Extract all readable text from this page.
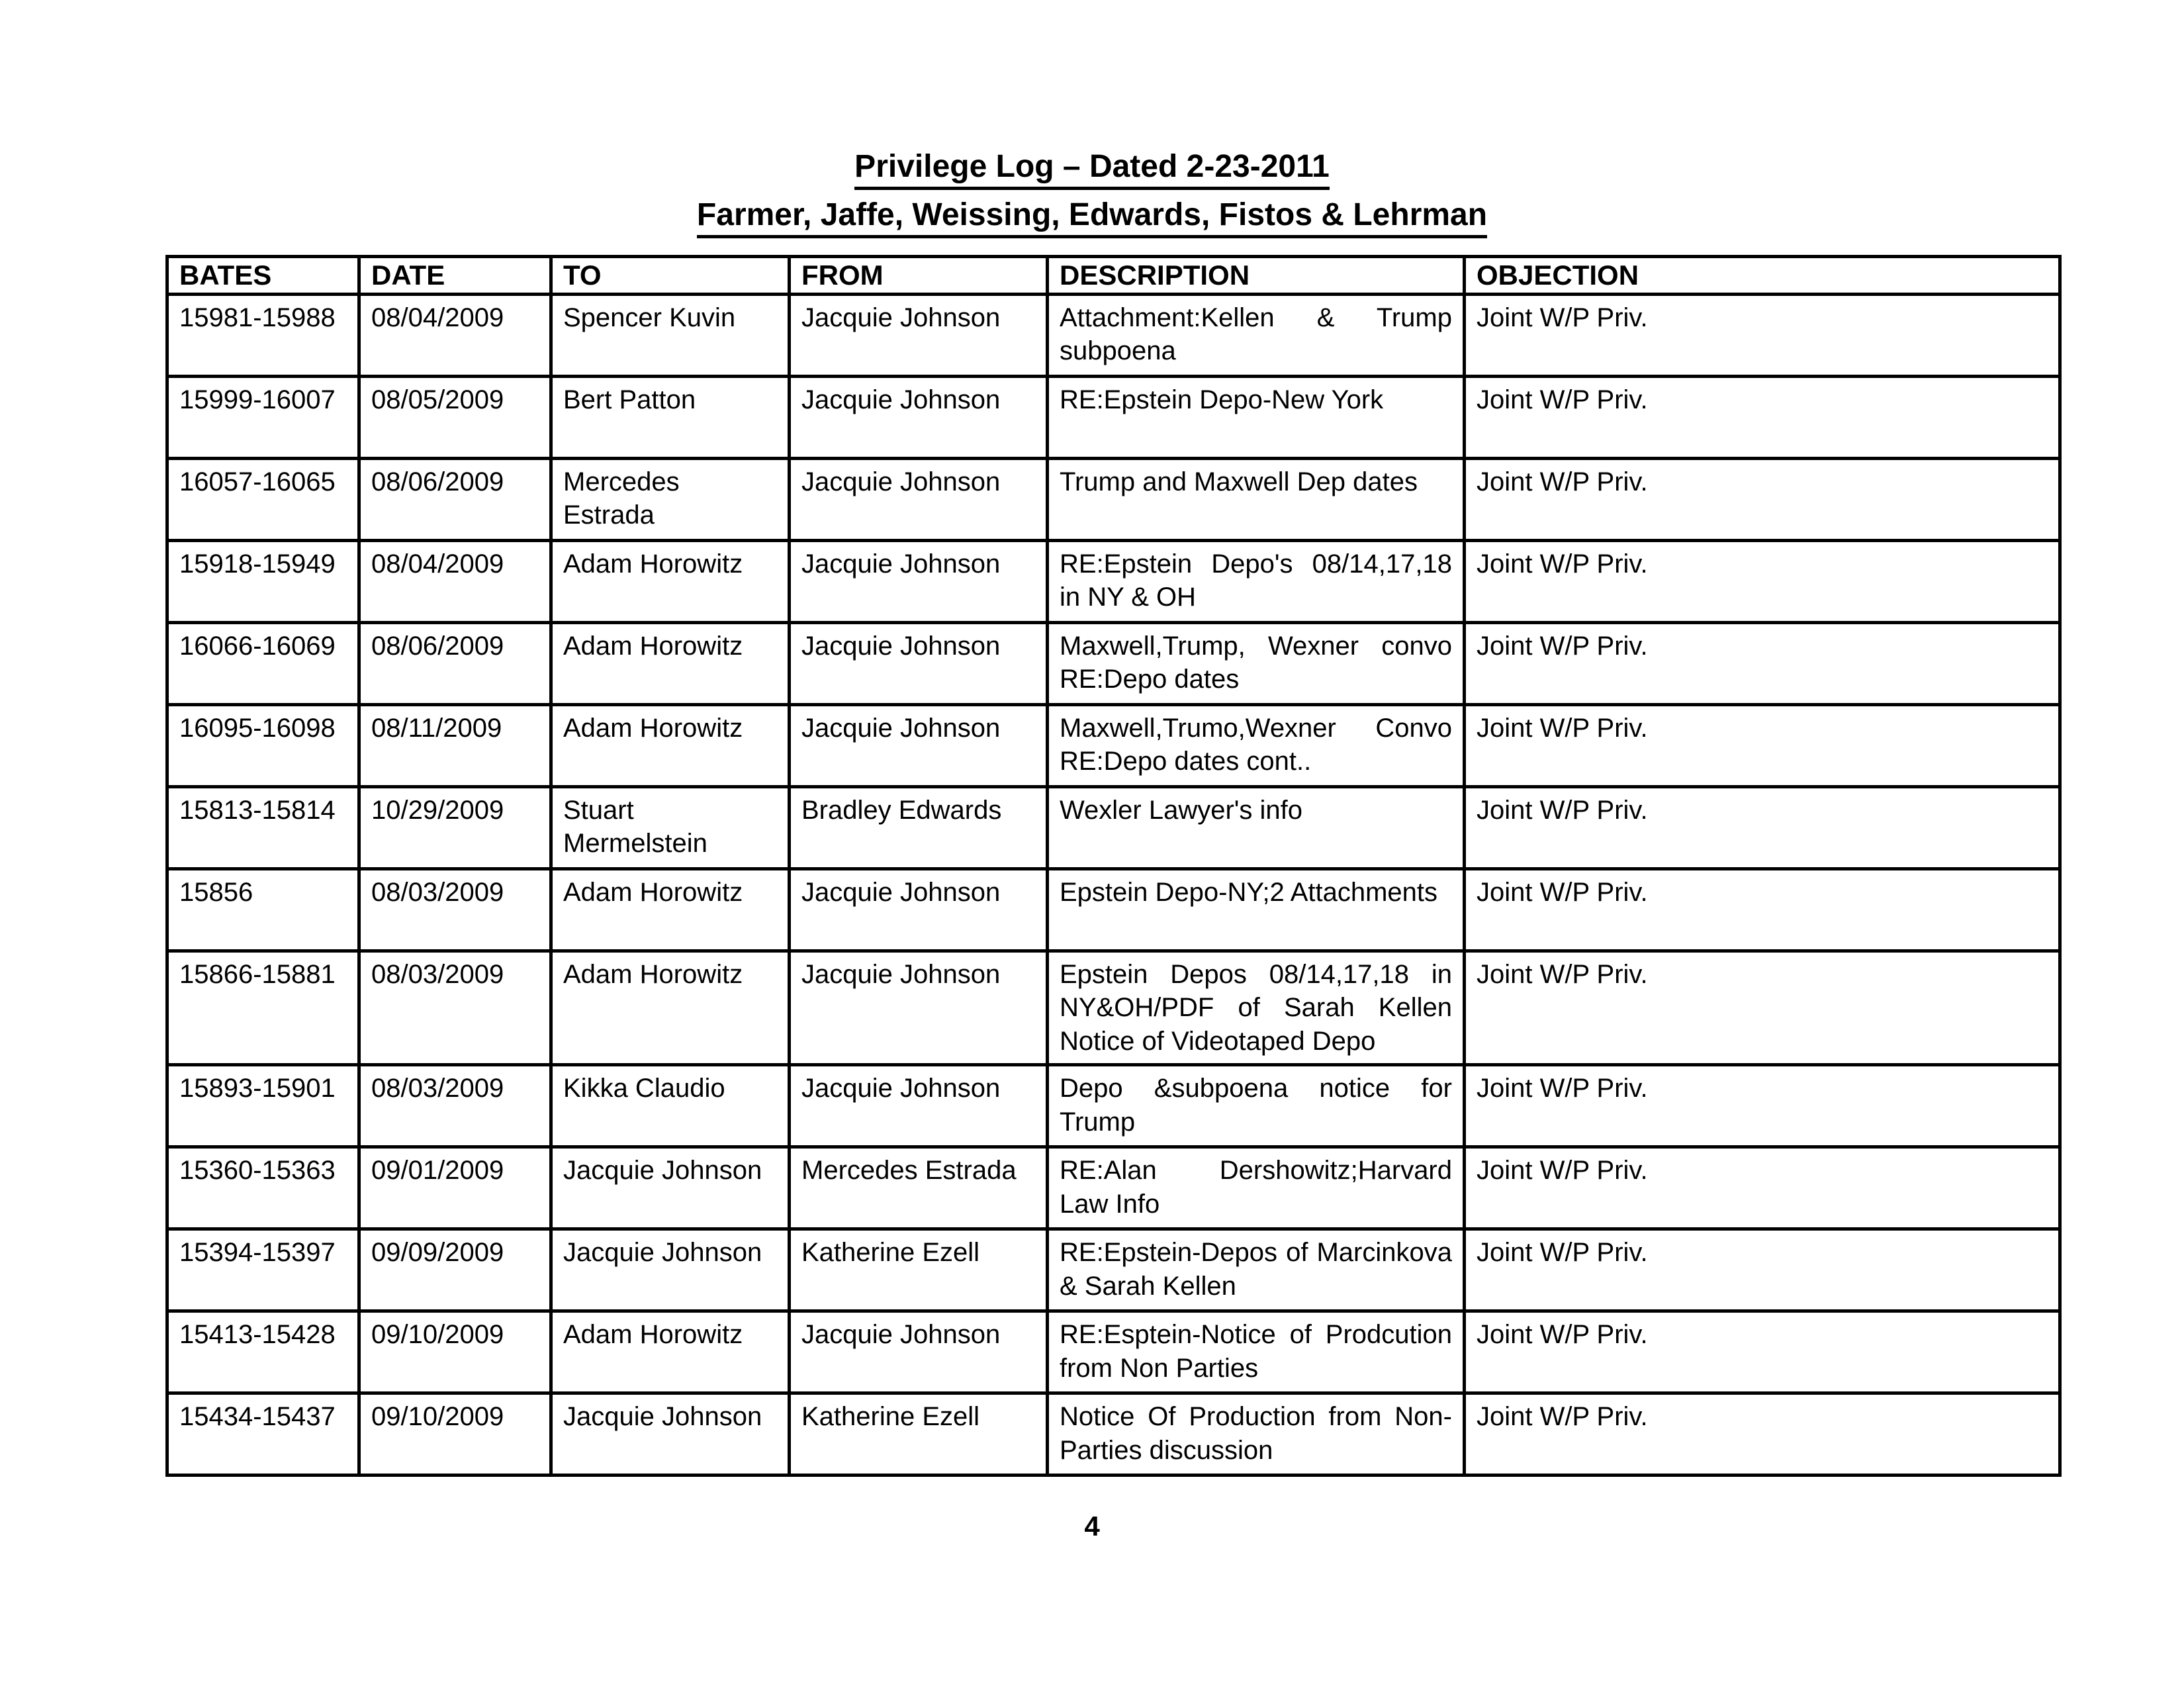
Privilege Log – Dated 2-23-2011
Farmer, Jaffe, Weissing, Edwards, Fistos & Lehrman
BATES	DATE	TO	FROM	DESCRIPTION	OBJECTION
15981-15988	08/04/2009	Spencer Kuvin	Jacquie Johnson	Attachment:Kellen & Trump subpoena	Joint W/P Priv.
15999-16007	08/05/2009	Bert Patton	Jacquie Johnson	RE:Epstein Depo-New York	Joint W/P Priv.
16057-16065	08/06/2009	Mercedes Estrada	Jacquie Johnson	Trump and Maxwell Dep dates	Joint W/P Priv.
15918-15949	08/04/2009	Adam Horowitz	Jacquie Johnson	RE:Epstein Depo's 08/14,17,18 in NY & OH	Joint W/P Priv.
16066-16069	08/06/2009	Adam Horowitz	Jacquie Johnson	Maxwell,Trump, Wexner convo RE:Depo dates	Joint W/P Priv.
16095-16098	08/11/2009	Adam Horowitz	Jacquie Johnson	Maxwell,Trumo,Wexner Convo RE:Depo dates cont..	Joint W/P Priv.
15813-15814	10/29/2009	Stuart Mermelstein	Bradley Edwards	Wexler Lawyer's info	Joint W/P Priv.
15856	08/03/2009	Adam Horowitz	Jacquie Johnson	Epstein Depo-NY;2 Attachments	Joint W/P Priv.
15866-15881	08/03/2009	Adam Horowitz	Jacquie Johnson	Epstein Depos 08/14,17,18 in NY&OH/PDF of Sarah Kellen Notice of Videotaped Depo	Joint W/P Priv.
15893-15901	08/03/2009	Kikka Claudio	Jacquie Johnson	Depo &subpoena notice for Trump	Joint W/P Priv.
15360-15363	09/01/2009	Jacquie Johnson	Mercedes Estrada	RE:Alan Dershowitz;Harvard Law Info	Joint W/P Priv.
15394-15397	09/09/2009	Jacquie Johnson	Katherine Ezell	RE:Epstein-Depos of Marcinkova & Sarah Kellen	Joint W/P Priv.
15413-15428	09/10/2009	Adam Horowitz	Jacquie Johnson	RE:Esptein-Notice of Prodcution from Non Parties	Joint W/P Priv.
15434-15437	09/10/2009	Jacquie Johnson	Katherine Ezell	Notice Of Production from Non-Parties discussion	Joint W/P Priv.
4
